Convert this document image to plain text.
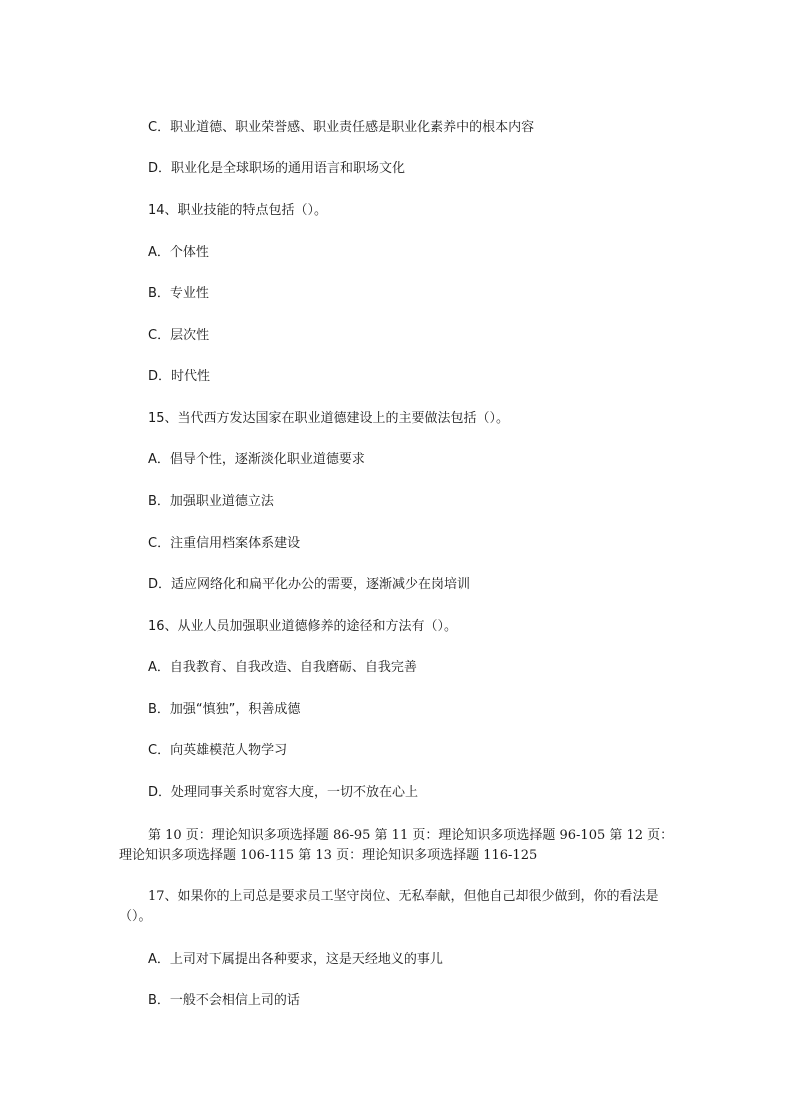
C．职业道德、职业荣誉感、职业责任感是职业化素养中的根本内容
D．职业化是全球职场的通用语言和职场文化
14、职业技能的特点包括（）。
A．个体性
B．专业性
C．层次性
D．时代性
15、当代西方发达国家在职业道德建设上的主要做法包括（）。
A．倡导个性，逐渐淡化职业道德要求
B．加强职业道德立法
C．注重信用档案体系建设
D．适应网络化和扁平化办公的需要，逐渐减少在岗培训
16、从业人员加强职业道德修养的途径和方法有（）。
A．自我教育、自我改造、自我磨砺、自我完善
B．加强“慎独”，积善成德
C．向英雄模范人物学习
D．处理同事关系时宽容大度，一切不放在心上
第 10 页：理论知识多项选择题 86-95 第 11 页：理论知识多项选择题 96-105 第 12 页：理论知识多项选择题 106-115 第 13 页：理论知识多项选择题 116-125
17、如果你的上司总是要求员工坚守岗位、无私奉献，但他自己却很少做到，你的看法是（）。
A．上司对下属提出各种要求，这是天经地义的事儿
B．一般不会相信上司的话
